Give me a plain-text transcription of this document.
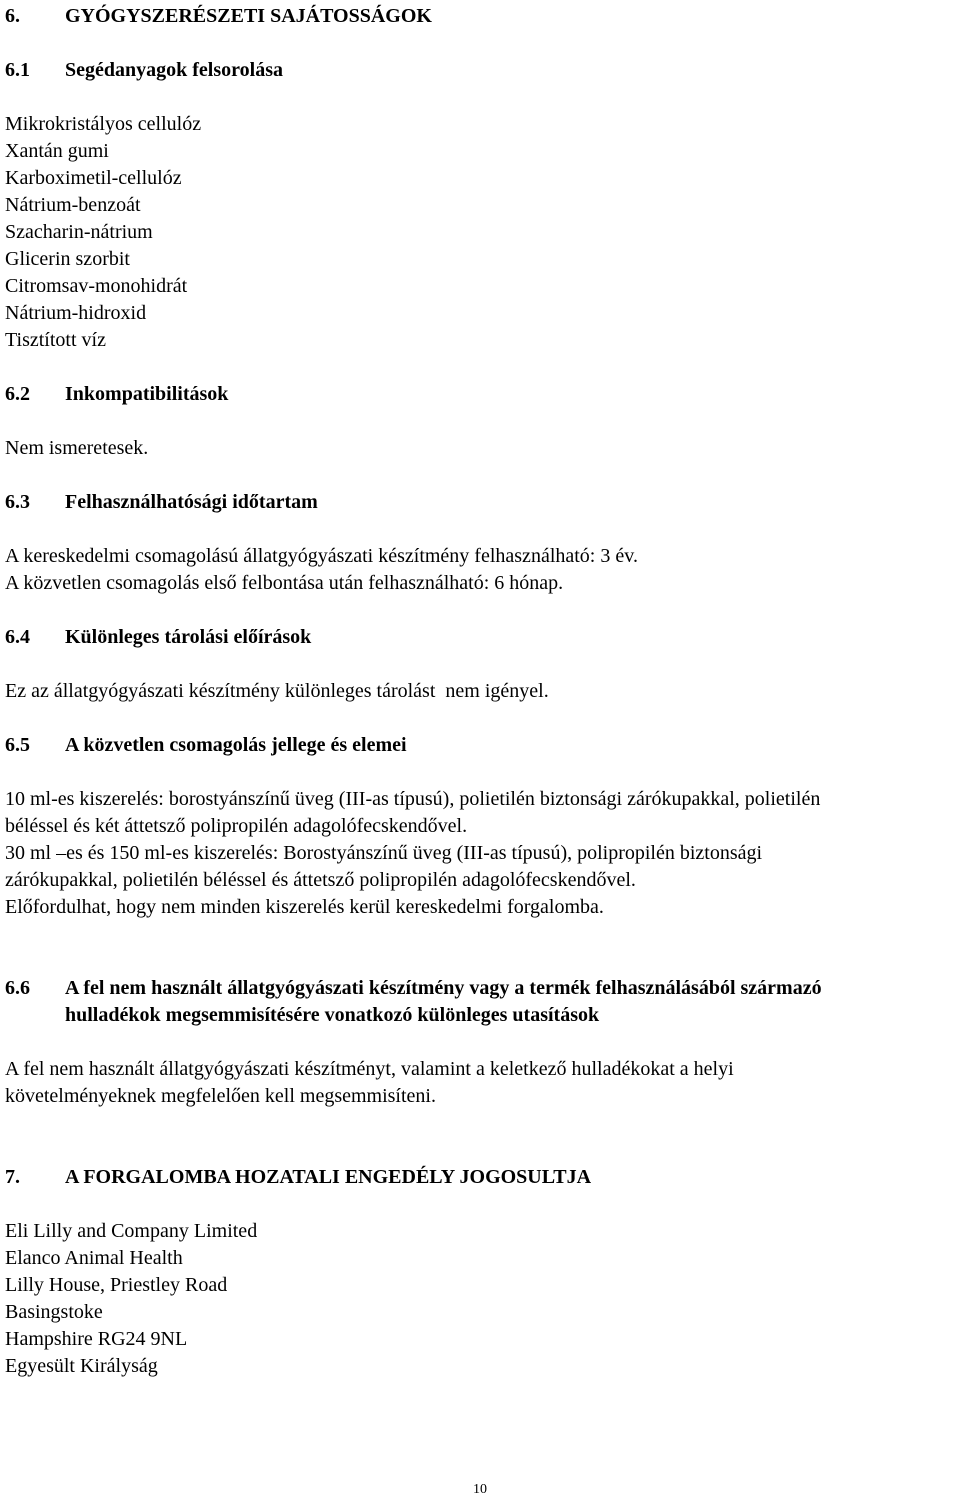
6.	GYÓGYSZERÉSZETI SAJÁTOSSÁGOK
6.1	Segédanyagok felsorolása
Mikrokristályos cellulóz
Xantán gumi
Karboximetil-cellulóz
Nátrium-benzoát
Szacharin-nátrium
Glicerin szorbit
Citromsav-monohidrát
Nátrium-hidroxid
Tisztított víz
6.2	Inkompatibilitások
Nem ismeretesek.
6.3	Felhasználhatósági időtartam
A kereskedelmi csomagolású állatgyógyászati készítmény felhasználható: 3 év.
A közvetlen csomagolás első felbontása után felhasználható: 6 hónap.
6.4	Különleges tárolási előírások
Ez az állatgyógyászati készítmény különleges tárolást  nem igényel.
6.5	A közvetlen csomagolás jellege és elemei
10 ml-es kiszerelés: borostyánszínű üveg (III-as típusú), polietilén biztonsági zárókupakkal, polietilén
béléssel és két áttetsző polipropilén adagolófecskendővel.
30 ml –es és 150 ml-es kiszerelés: Borostyánszínű üveg (III-as típusú), polipropilén biztonsági
zárókupakkal, polietilén béléssel és áttetsző polipropilén adagolófecskendővel.
Előfordulhat, hogy nem minden kiszerelés kerül kereskedelmi forgalomba.
6.6	A fel nem használt állatgyógyászati készítmény vagy a termék felhasználásából származó
hulladékok megsemmisítésére vonatkozó különleges utasítások
A fel nem használt állatgyógyászati készítményt, valamint a keletkező hulladékokat a helyi
követelményeknek megfelelően kell megsemmisíteni.
7.	A FORGALOMBA HOZATALI ENGEDÉLY JOGOSULTJA
Eli Lilly and Company Limited
Elanco Animal Health
Lilly House, Priestley Road
Basingstoke
Hampshire RG24 9NL
Egyesült Királyság
10
